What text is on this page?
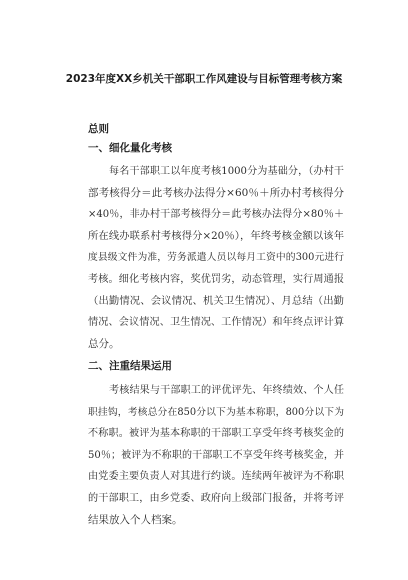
2023年度XX乡机关干部职工作风建设与目标管理考核方案
总则
一、细化量化考核
每名干部职工以年度考核1000分为基础分，（办村干
部考核得分＝此考核办法得分×60％＋所办村考核得分
×40％，非办村干部考核得分＝此考核办法得分×80％＋
所在线办联系村考核得分×20％），年终考核金额以该年
度县级文件为准，劳务派遣人员以每月工资中的300元进行
考核。细化考核内容，奖优罚劣，动态管理，实行周通报
（出勤情况、会议情况、机关卫生情况）、月总结（出勤
情况、会议情况、卫生情况、工作情况）和年终点评计算
总分。
二、注重结果运用
考核结果与干部职工的评优评先、年终绩效、个人任
职挂钩，考核总分在850分以下为基本称职，800分以下为
不称职。被评为基本称职的干部职工享受年终考核奖金的
50％；被评为不称职的干部职工不享受年终考核奖金，并
由党委主要负责人对其进行约谈。连续两年被评为不称职
的干部职工，由乡党委、政府向上级部门报备，并将考评
结果放入个人档案。
